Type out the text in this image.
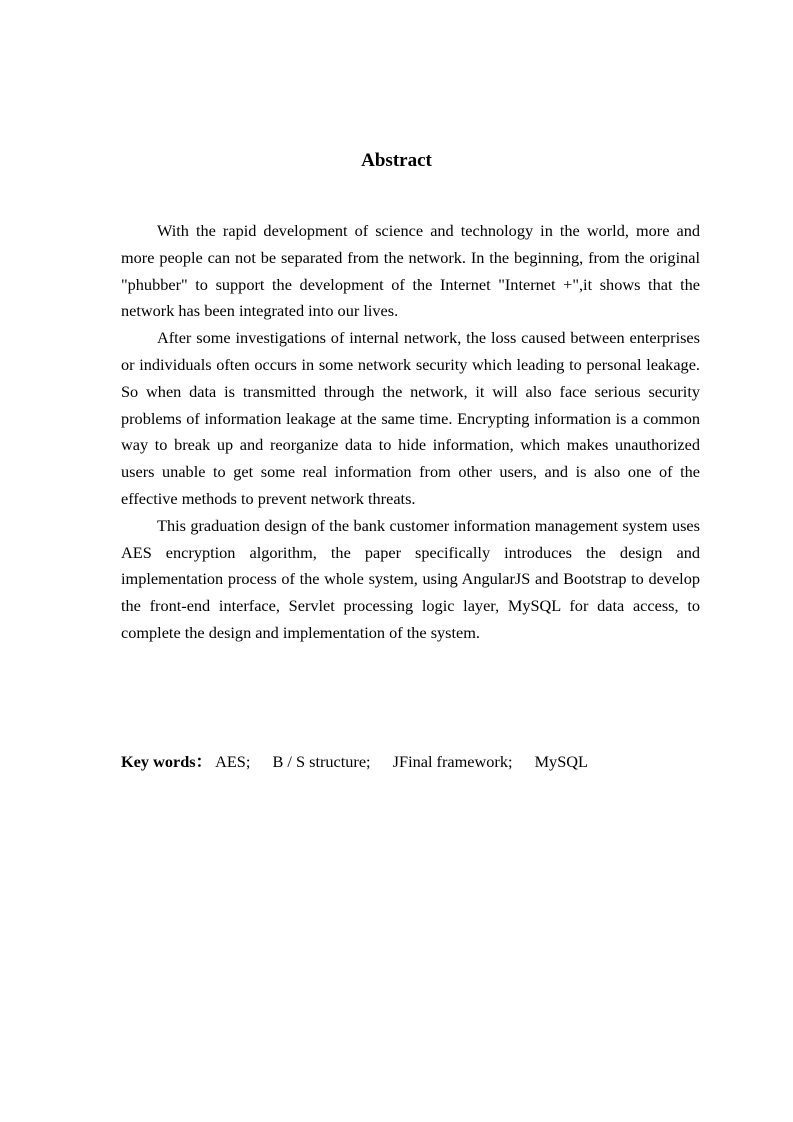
Abstract

With the rapid development of science and technology in the world, more and more people can not be separated from the network. In the beginning, from the original "phubber" to support the development of the Internet "Internet +",it shows that the network has been integrated into our lives.

After some investigations of internal network, the loss caused between enterprises or individuals often occurs in some network security which leading to personal leakage. So when data is transmitted through the network, it will also face serious security problems of information leakage at the same time. Encrypting information is a common way to break up and reorganize data to hide information, which makes unauthorized users unable to get some real information from other users, and is also one of the effective methods to prevent network threats.

This graduation design of the bank customer information management system uses AES encryption algorithm, the paper specifically introduces the design and implementation process of the whole system, using AngularJS and Bootstrap to develop the front-end interface, Servlet processing logic layer, MySQL for data access, to complete the design and implementation of the system.

Key words： AES; B / S structure; JFinal framework; MySQL
